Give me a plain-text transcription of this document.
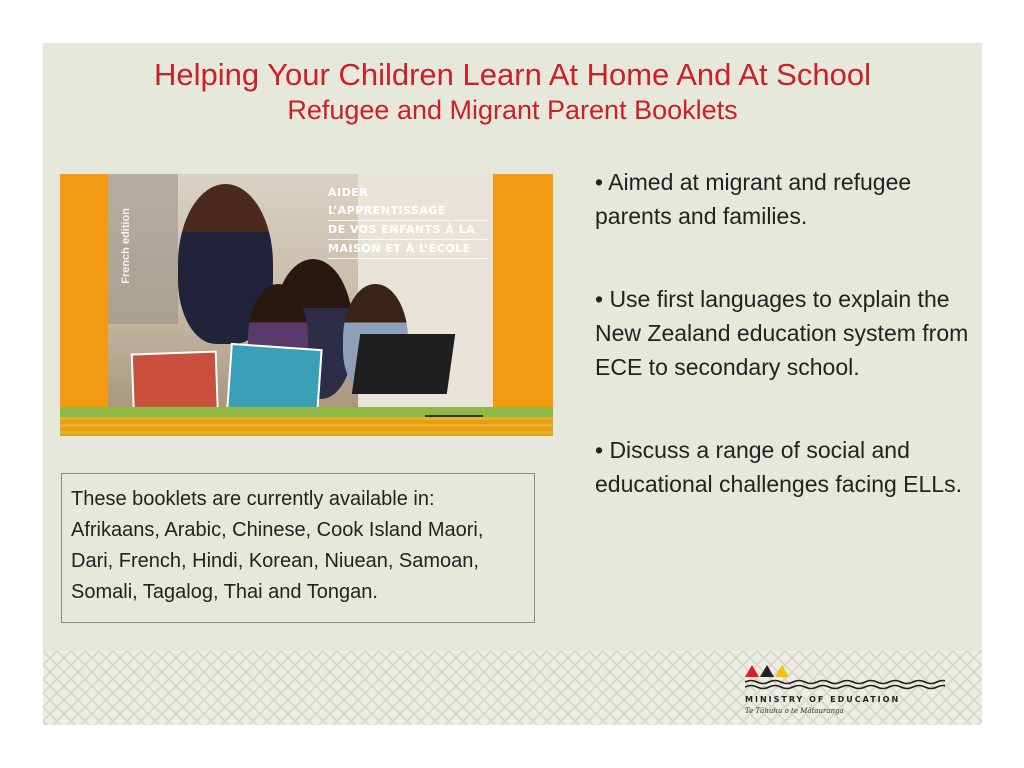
Helping Your Children Learn At Home And At School
Refugee and Migrant Parent Booklets
French edition
AIDER L’APPRENTISSAGE
DE VOS ENFANTS À LA
MAISON ET À L’ÉCOLE
These booklets are currently available in: Afrikaans, Arabic, Chinese, Cook Island Maori, Dari, French, Hindi, Korean, Niuean, Samoan, Somali, Tagalog, Thai and Tongan.
• Aimed at migrant and refugee parents and families.
• Use first languages to explain the New Zealand education system from ECE to secondary school.
• Discuss a range of social and educational challenges facing ELLs.
MINISTRY OF EDUCATION
Te Tāhuhu o te Mātauranga
